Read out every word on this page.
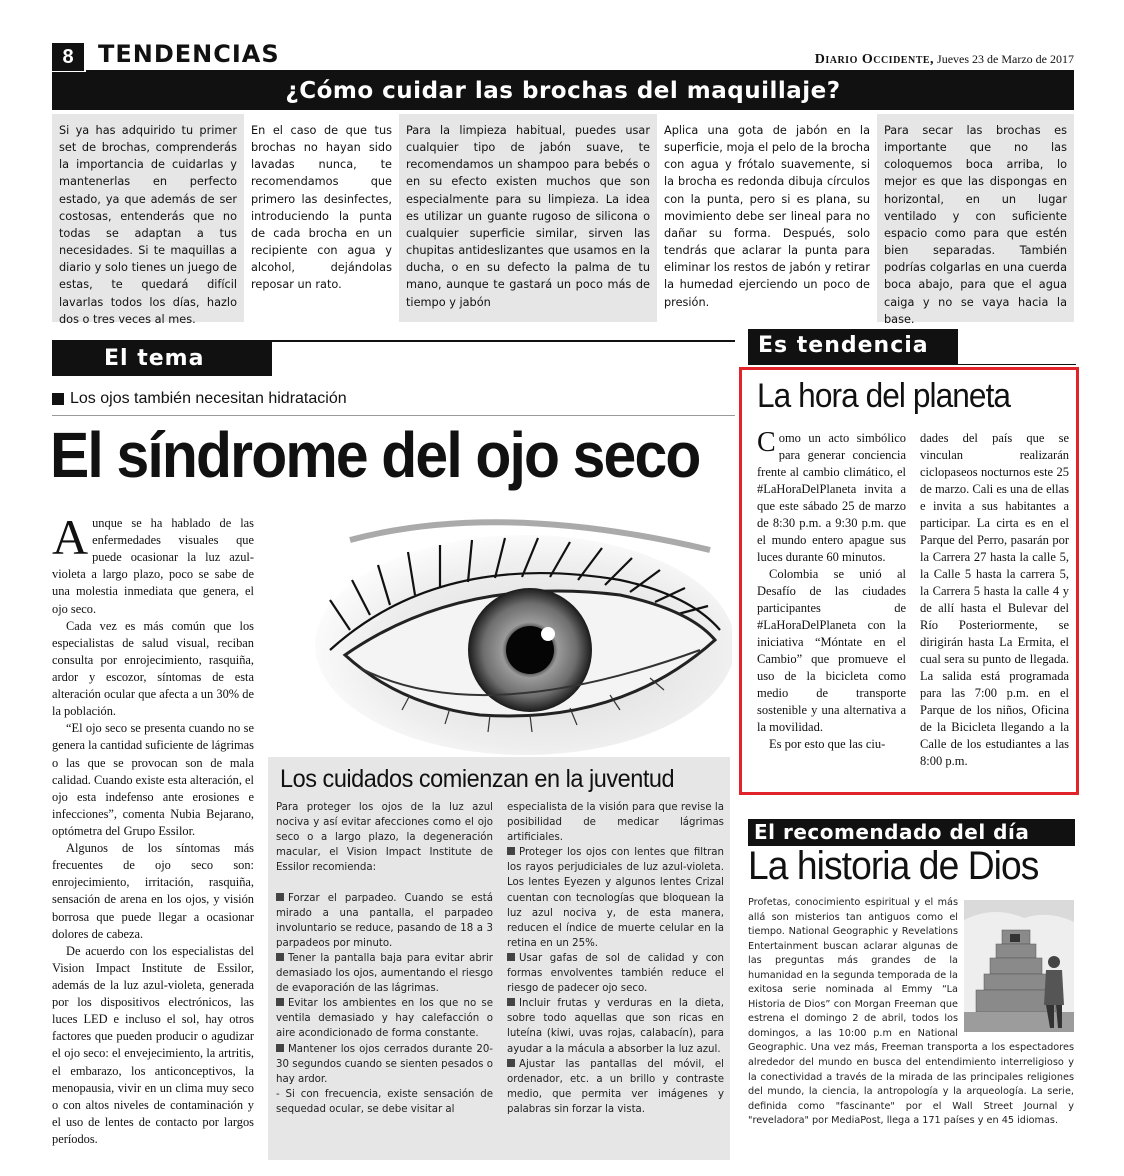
8	TENDENCIAS	Diario Occidente, Jueves 23 de Marzo de 2017
¿Cómo cuidar las brochas del maquillaje?
Si ya has adquirido tu primer set de brochas, comprenderás la importancia de cuidarlas y mantenerlas en perfecto estado, ya que además de ser costosas, entenderás que no todas se adaptan a tus necesidades. Si te maquillas a diario y solo tienes un juego de estas, te quedará difícil lavarlas todos los días, hazlo dos o tres veces al mes.
En el caso de que tus brochas no hayan sido lavadas nunca, te recomendamos que primero las desinfectes, introduciendo la punta de cada brocha en un recipiente con agua y alcohol, dejándolas reposar un rato.
Para la limpieza habitual, puedes usar cualquier tipo de jabón suave, te recomendamos un shampoo para bebés o en su efecto existen muchos que son especialmente para su limpieza. La idea es utilizar un guante rugoso de silicona o cualquier superficie similar, sirven las chupitas antideslizantes que usamos en la ducha, o en su defecto la palma de tu mano, aunque te gastará un poco más de tiempo y jabón
Aplica una gota de jabón en la superficie, moja el pelo de la brocha con agua y frótalo suavemente, si la brocha es redonda dibuja círculos con la punta, pero si es plana, su movimiento debe ser lineal para no dañar su forma. Después, solo tendrás que aclarar la punta para eliminar los restos de jabón y retirar la humedad ejerciendo un poco de presión.
Para secar las brochas es importante que no las coloquemos boca arriba, lo mejor es que las dispongas en horizontal, en un lugar ventilado y con suficiente espacio como para que estén bien separadas. También podrías colgarlas en una cuerda boca abajo, para que el agua caiga y no se vaya hacia la base.
El tema
Los ojos también necesitan hidratación
El síndrome del ojo seco

Aunque se ha hablado de las enfermedades visuales que puede ocasionar la luz azul-violeta a largo plazo, poco se sabe de una molestia inmediata que genera, el ojo seco.

Cada vez es más común que los especialistas de salud visual, reciban consulta por enrojecimiento, rasquiña, ardor y escozor, síntomas de esta alteración ocular que afecta a un 30% de la población.

“El ojo seco se presenta cuando no se genera la cantidad suficiente de lágrimas o las que se provocan son de mala calidad. Cuando existe esta alteración, el ojo esta indefenso ante erosiones e infecciones”, comenta Nubia Bejarano, optómetra del Grupo Essilor.

Algunos de los síntomas más frecuentes de ojo seco son: enrojecimiento, irritación, rasquiña, sensación de arena en los ojos, y visión borrosa que puede llegar a ocasionar dolores de cabeza.

De acuerdo con los especialistas del Vision Impact Institute de Essilor, además de la luz azul-violeta, generada por los dispositivos electrónicos, las luces LED e incluso el sol, hay otros factores que pueden producir o agudizar el ojo seco: el envejecimiento, la artritis, el embarazo, los anticonceptivos, la menopausia, vivir en un clima muy seco o con altos niveles de contaminación y el uso de lentes de contacto por largos períodos.

Los cuidados comienzan en la juventud

Para proteger los ojos de la luz azul nociva y así evitar afecciones como el ojo seco o a largo plazo, la degeneración macular, el Vision Impact Institute de Essilor recomienda:

Forzar el parpadeo. Cuando se está mirado a una pantalla, el parpadeo involuntario se reduce, pasando de 18 a 3 parpadeos por minuto.

Tener la pantalla baja para evitar abrir demasiado los ojos, aumentando el riesgo de evaporación de las lágrimas.

Evitar los ambientes en los que no se ventila demasiado y hay calefacción o aire acondicionado de forma constante.

Mantener los ojos cerrados durante 20-30 segundos cuando se sienten pesados o hay ardor.

- Si con frecuencia, existe sensación de sequedad ocular, se debe visitar al

especialista de la visión para que revise la posibilidad de medicar lágrimas artificiales.

Proteger los ojos con lentes que filtran los rayos perjudiciales de luz azul-violeta. Los lentes Eyezen y algunos lentes Crizal cuentan con tecnologías que bloquean la luz azul nociva y, de esta manera, reducen el índice de muerte celular en la retina en un 25%.

Usar gafas de sol de calidad y con formas envolventes también reduce el riesgo de padecer ojo seco.

Incluir frutas y verduras en la dieta, sobre todo aquellas que son ricas en luteína (kiwi, uvas rojas, calabacín), para ayudar a la mácula a absorber la luz azul.

Ajustar las pantallas del móvil, el ordenador, etc. a un brillo y contraste medio, que permita ver imágenes y palabras sin forzar la vista.

Es tendencia
La hora del planeta

Como un acto simbólico para generar conciencia frente al cambio climático, el #LaHoraDelPlaneta invita a que este sábado 25 de marzo de 8:30 p.m. a 9:30 p.m. que el mundo entero apague sus luces durante 60 minutos.

Colombia se unió al Desafío de las ciudades participantes de #LaHoraDelPlaneta con la iniciativa “Móntate en el Cambio” que promueve el uso de la bicicleta como medio de transporte sostenible y una alternativa a la movilidad.

Es por esto que las ciu-

dades del país que se vinculan realizarán ciclopaseos nocturnos este 25 de marzo. Cali es una de ellas e invita a sus habitantes a participar. La cirta es en el Parque del Perro, pasarán por la Carrera 27 hasta la calle 5, la Calle 5 hasta la carrera 5, la Carrera 5 hasta la calle 4 y de allí hasta el Bulevar del Río Posteriormente, se dirigirán hasta La Ermita, el cual sera su punto de llegada. La salida está programada para las 7:00 p.m. en el Parque de los niños, Oficina de la Bicicleta llegando a la Calle de los estudiantes a las 8:00 p.m.

El recomendado del día
La historia de Dios
Profetas, conocimiento espiritual y el más allá son misterios tan antiguos como el tiempo. National Geographic y Revelations Entertainment buscan aclarar algunas de las preguntas más grandes de la humanidad en la segunda temporada de la exitosa serie nominada al Emmy “La Historia de Dios” con Morgan Freeman que estrena el domingo 2 de abril, todos los domingos, a las 10:00 p.m en National Geographic. Una vez más, Freeman transporta a los espectadores alrededor del mundo en busca del entendimiento interreligioso y la conectividad a través de la mirada de las principales religiones del mundo, la ciencia, la antropología y la arqueología. La serie, definida como "fascinante" por el Wall Street Journal y "reveladora" por MediaPost, llega a 171 países y en 45 idiomas.
